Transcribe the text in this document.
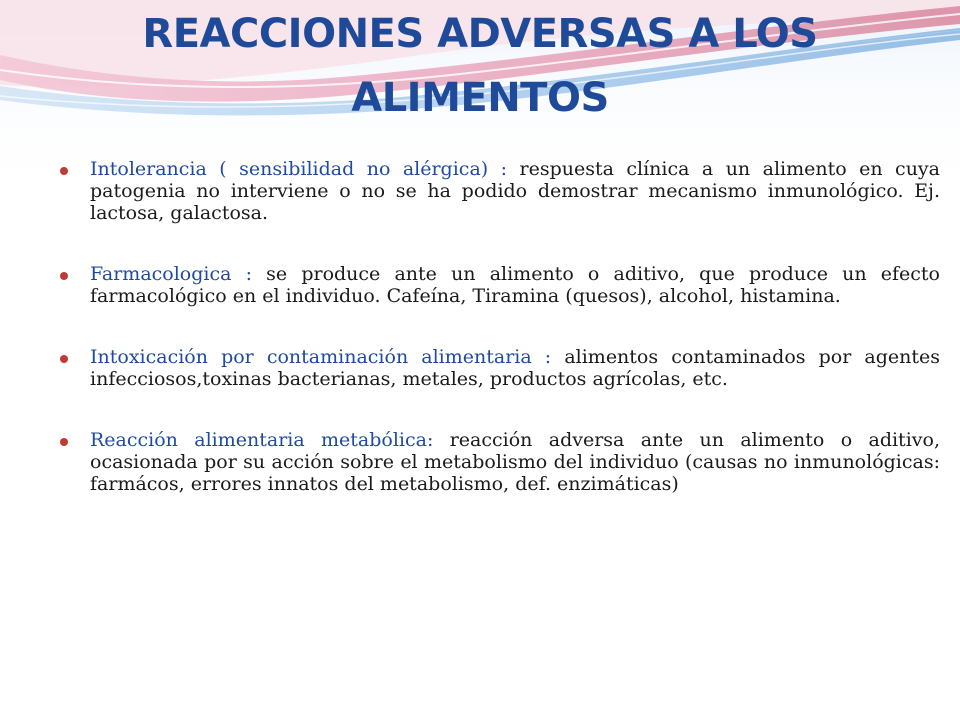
REACCIONES ADVERSAS A LOS
ALIMENTOS
Intolerancia ( sensibilidad no alérgica) : respuesta clínica a un alimento en cuya patogenia no interviene o no se ha podido demostrar mecanismo inmunológico. Ej. lactosa, galactosa.
Farmacologica : se produce ante un alimento o aditivo, que produce un efecto farmacológico en el individuo. Cafeína, Tiramina (quesos), alcohol, histamina.
Intoxicación por contaminación alimentaria : alimentos contaminados por agentes infecciosos,toxinas bacterianas, metales, productos agrícolas, etc.
Reacción alimentaria metabólica: reacción adversa ante un alimento o aditivo, ocasionada por su acción sobre el metabolismo del individuo (causas no inmunológicas: farmácos, errores innatos del metabolismo, def. enzimáticas)
